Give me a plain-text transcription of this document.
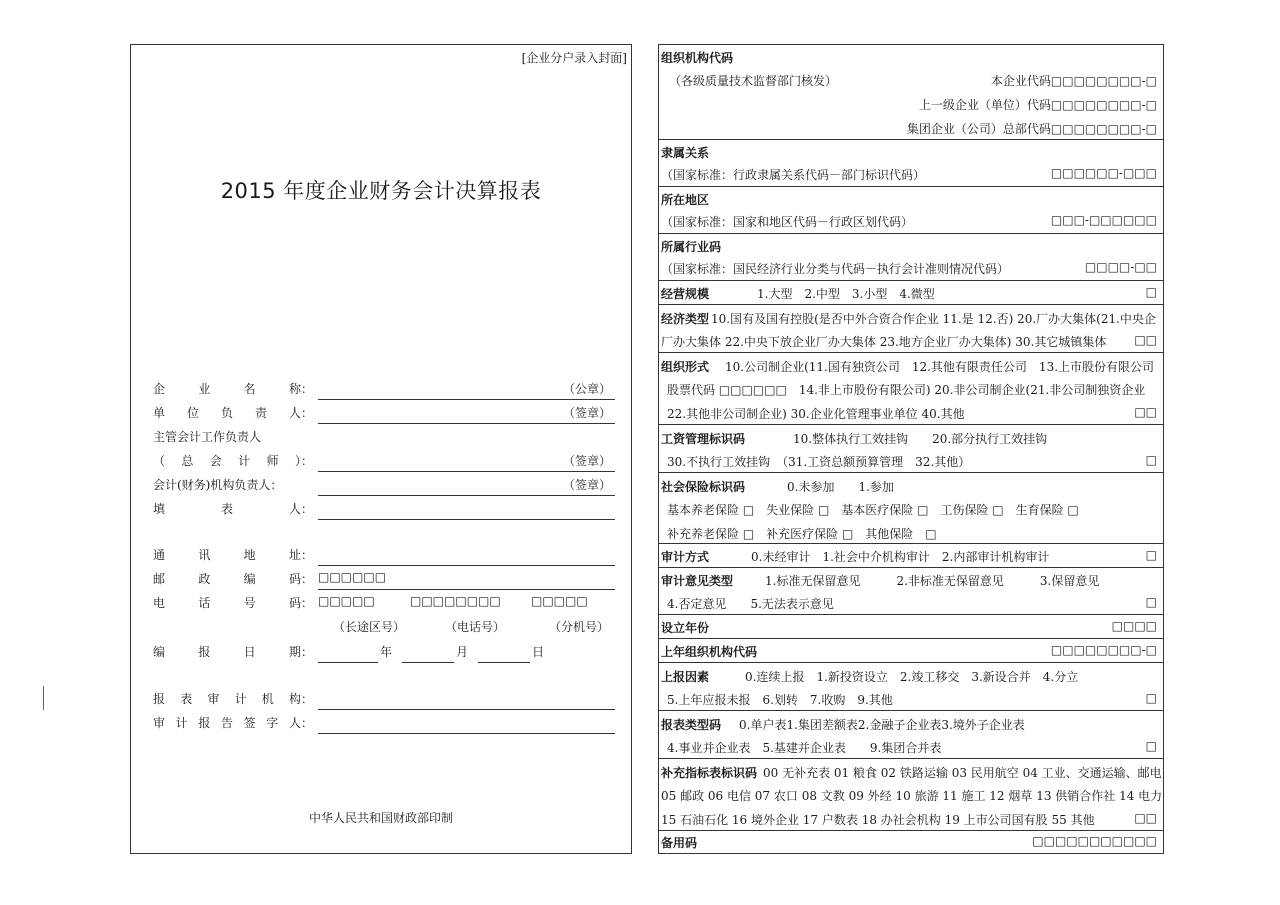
[企业分户录入封面]
2015 年度企业财务会计决算报表
企	业	名	称：	（公章）
单 位 负 责 人：	（签章）
主管会计工作负责人
（ 总 会 计 师 ）：	（签章）
会计(财务)机构负责人：	（签章）
填	表	人：
通	讯	地	址：
邮	政	编	码： □□□□□□
电	话	号	码： □□□□□	□□□□□□□□	□□□□□
（长途区号）	（电话号）	（分机号）
编	报	日	期：	年	月	日
报 表 审 计 机 构：
审 计 报 告 签 字 人：
中华人民共和国财政部印制
组织机构代码
（各级质量技术监督部门核发）	本企业代码□□□□□□□□-□
上一级企业（单位）代码□□□□□□□□-□
集团企业（公司）总部代码□□□□□□□□-□
隶属关系
（国家标准：行政隶属关系代码－部门标识代码）	□□□□□□-□□□
所在地区
（国家标准：国家和地区代码－行政区划代码）	□□□-□□□□□□
所属行业码
（国家标准：国民经济行业分类与代码－执行会计准则情况代码）	□□□□-□□
经营规模	1.大型　2.中型　3.小型　4.微型	□
经济类型 10.国有及国有控股(是否中外合资合作企业 11.是 12.否) 20.厂办大集体(21.中央企
厂办大集体 22.中央下放企业厂办大集体 23.地方企业厂办大集体) 30.其它城镇集体 □□
组织形式 10.公司制企业(11.国有独资公司　12.其他有限责任公司　13.上市股份有限公司
股票代码 □□□□□□　14.非上市股份有限公司) 20.非公司制企业(21.非公司制独资企业
22.其他非公司制企业) 30.企业化管理事业单位 40.其他	□□
工资管理标识码	10.整体执行工效挂钩　　20.部分执行工效挂钩
30.不执行工效挂钩　（31.工资总额预算管理　32.其他）	□
社会保险标识码	0.未参加　　1.参加
基本养老保险 □　失业保险 □　基本医疗保险 □　工伤保险 □　生育保险 □
补充养老保险 □　补充医疗保险 □　其他保险　□
审计方式	0.未经审计　1.社会中介机构审计　2.内部审计机构审计	□
审计意见类型	1.标准无保留意见　　　2.非标准无保留意见　　　3.保留意见
4.否定意见　　5.无法表示意见	□
设立年份	□□□□
上年组织机构代码	□□□□□□□□-□
上报因素	0.连续上报　1.新投资设立　2.竣工移交　3.新设合并　4.分立
5.上年应报未报　6.划转　7.收购　9.其他	□
报表类型码 0.单户表1.集团差额表2.金融子企业表3.境外子企业表
4.事业并企业表　5.基建并企业表　　9.集团合并表	□
补充指标表标识码 00 无补充表 01 粮食 02 铁路运输 03 民用航空 04 工业、交通运输、邮电
05 邮政 06 电信 07 农口 08 文教 09 外经 10 旅游 11 施工 12 烟草 13 供销合作社 14 电力
15 石油石化 16 境外企业 17 户数表 18 办社会机构 19 上市公司国有股 55 其他	□□
备用码	□□□□□□□□□□□
